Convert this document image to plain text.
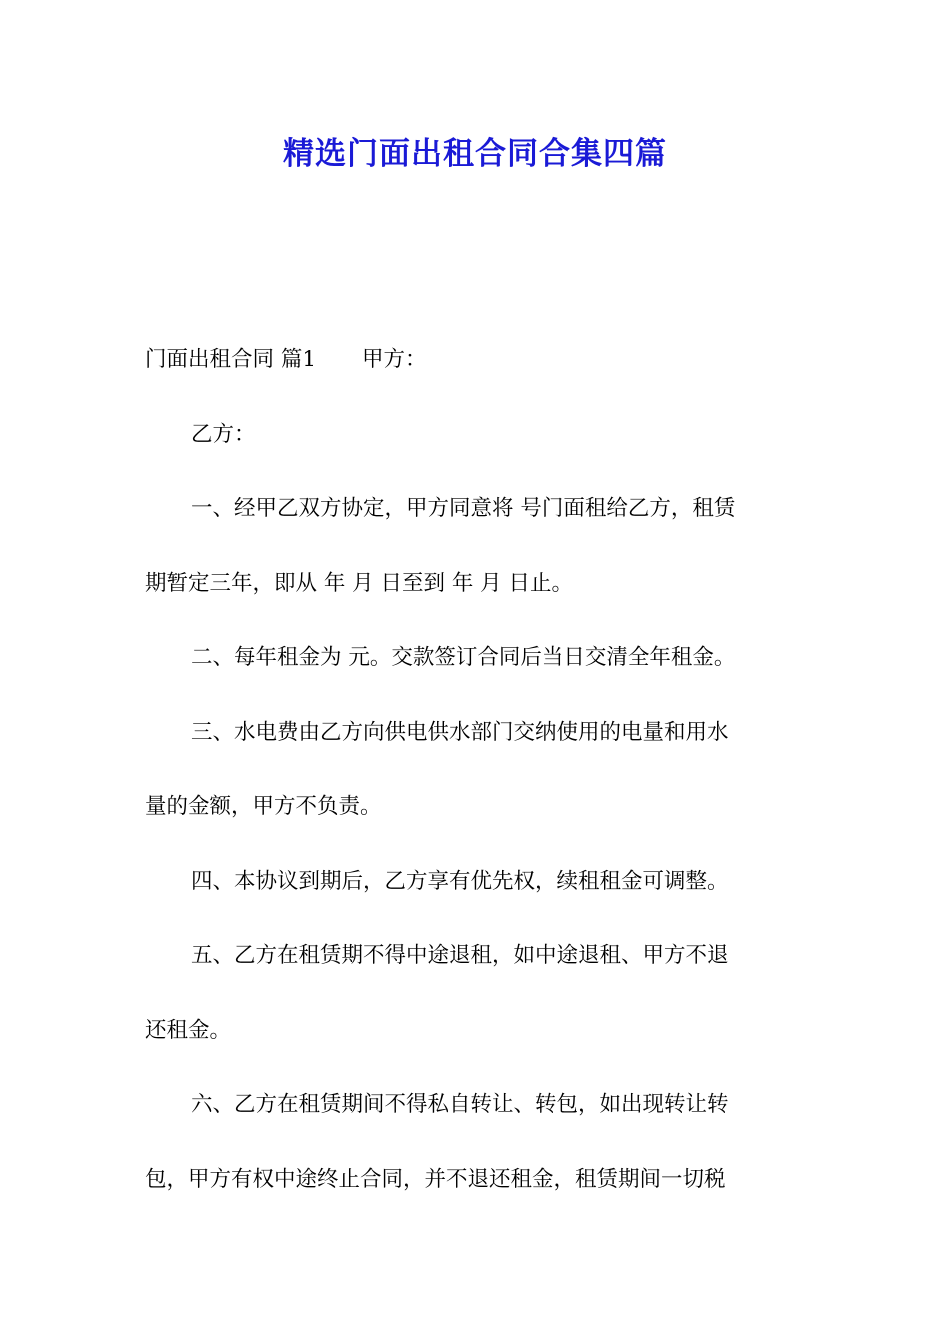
精选门面出租合同合集四篇

门面出租合同 篇1 甲方：

乙方：

一、经甲乙双方协定，甲方同意将 号门面租给乙方，租赁

期暂定三年，即从 年 月 日至到 年 月 日止。

二、每年租金为 元。交款签订合同后当日交清全年租金。

三、水电费由乙方向供电供水部门交纳使用的电量和用水

量的金额，甲方不负责。

四、本协议到期后，乙方享有优先权，续租租金可调整。

五、乙方在租赁期不得中途退租，如中途退租、甲方不退

还租金。

六、乙方在租赁期间不得私自转让、转包，如出现转让转

包，甲方有权中途终止合同，并不退还租金，租赁期间一切税
